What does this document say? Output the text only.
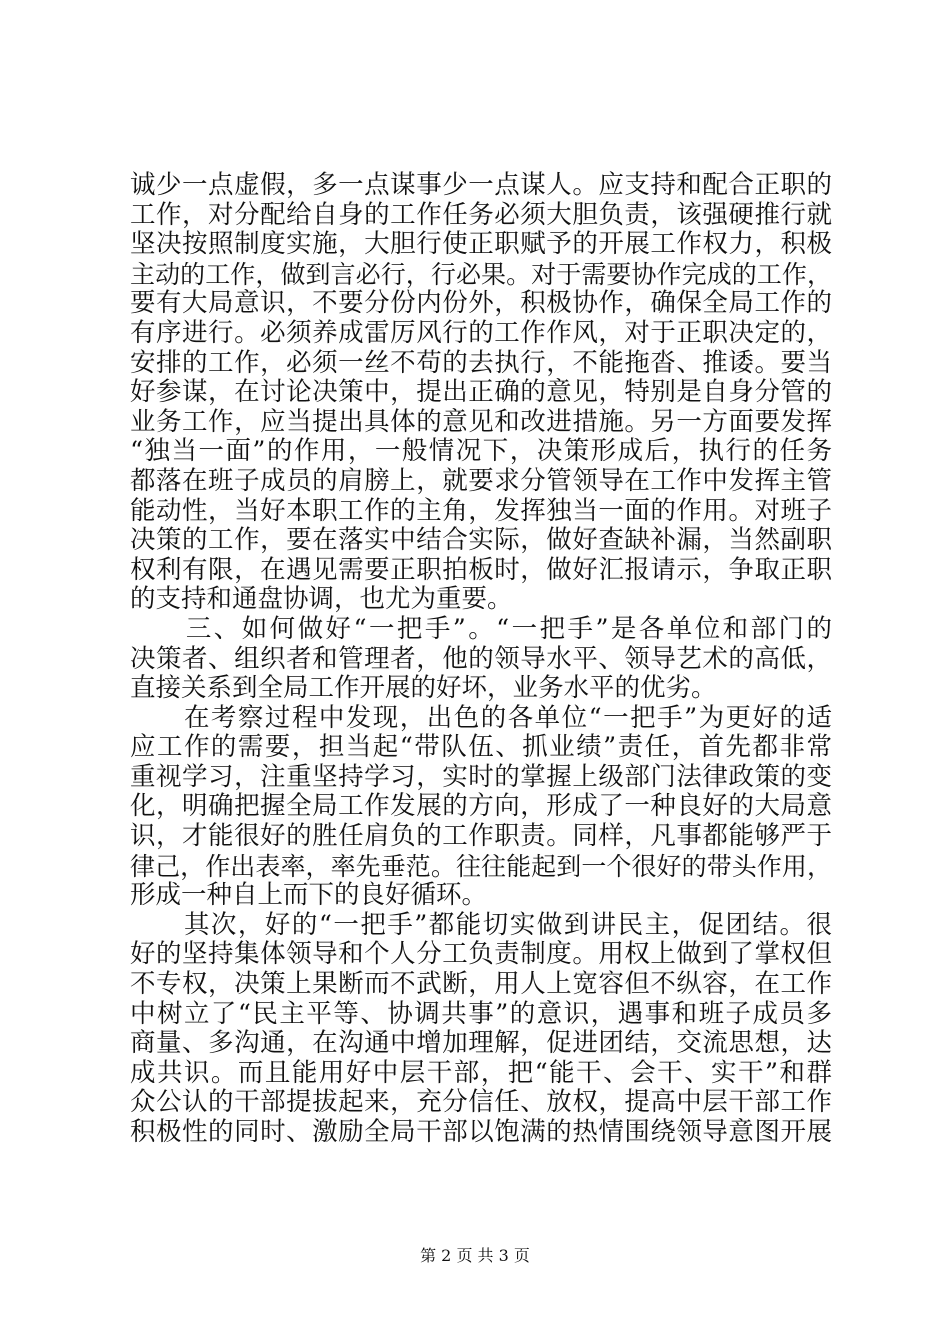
诚少一点虚假，多一点谋事少一点谋人。应支持和配合正职的
工作，对分配给自身的工作任务必须大胆负责，该强硬推行就
坚决按照制度实施，大胆行使正职赋予的开展工作权力，积极
主动的工作，做到言必行，行必果。对于需要协作完成的工作，
要有大局意识，不要分份内份外，积极协作，确保全局工作的
有序进行。必须养成雷厉风行的工作作风，对于正职决定的，
安排的工作，必须一丝不苟的去执行，不能拖沓、推诿。要当
好参谋，在讨论决策中，提出正确的意见，特别是自身分管的
业务工作，应当提出具体的意见和改进措施。另一方面要发挥
“独当一面”的作用，一般情况下，决策形成后，执行的任务
都落在班子成员的肩膀上，就要求分管领导在工作中发挥主管
能动性，当好本职工作的主角，发挥独当一面的作用。对班子
决策的工作，要在落实中结合实际，做好查缺补漏，当然副职
权利有限，在遇见需要正职拍板时，做好汇报请示，争取正职
的支持和通盘协调，也尤为重要。
　　三、如何做好“一把手”。“一把手”是各单位和部门的
决策者、组织者和管理者，他的领导水平、领导艺术的高低，
直接关系到全局工作开展的好坏，业务水平的优劣。
　　在考察过程中发现，出色的各单位“一把手”为更好的适
应工作的需要，担当起“带队伍、抓业绩”责任，首先都非常
重视学习，注重坚持学习，实时的掌握上级部门法律政策的变
化，明确把握全局工作发展的方向，形成了一种良好的大局意
识，才能很好的胜任肩负的工作职责。同样，凡事都能够严于
律己，作出表率，率先垂范。往往能起到一个很好的带头作用，
形成一种自上而下的良好循环。
　　其次，好的“一把手”都能切实做到讲民主，促团结。很
好的坚持集体领导和个人分工负责制度。用权上做到了掌权但
不专权，决策上果断而不武断，用人上宽容但不纵容，在工作
中树立了“民主平等、协调共事”的意识，遇事和班子成员多
商量、多沟通，在沟通中增加理解，促进团结，交流思想，达
成共识。而且能用好中层干部，把“能干、会干、实干”和群
众公认的干部提拔起来，充分信任、放权，提高中层干部工作
积极性的同时、激励全局干部以饱满的热情围绕领导意图开展
第 2 页 共 3 页
